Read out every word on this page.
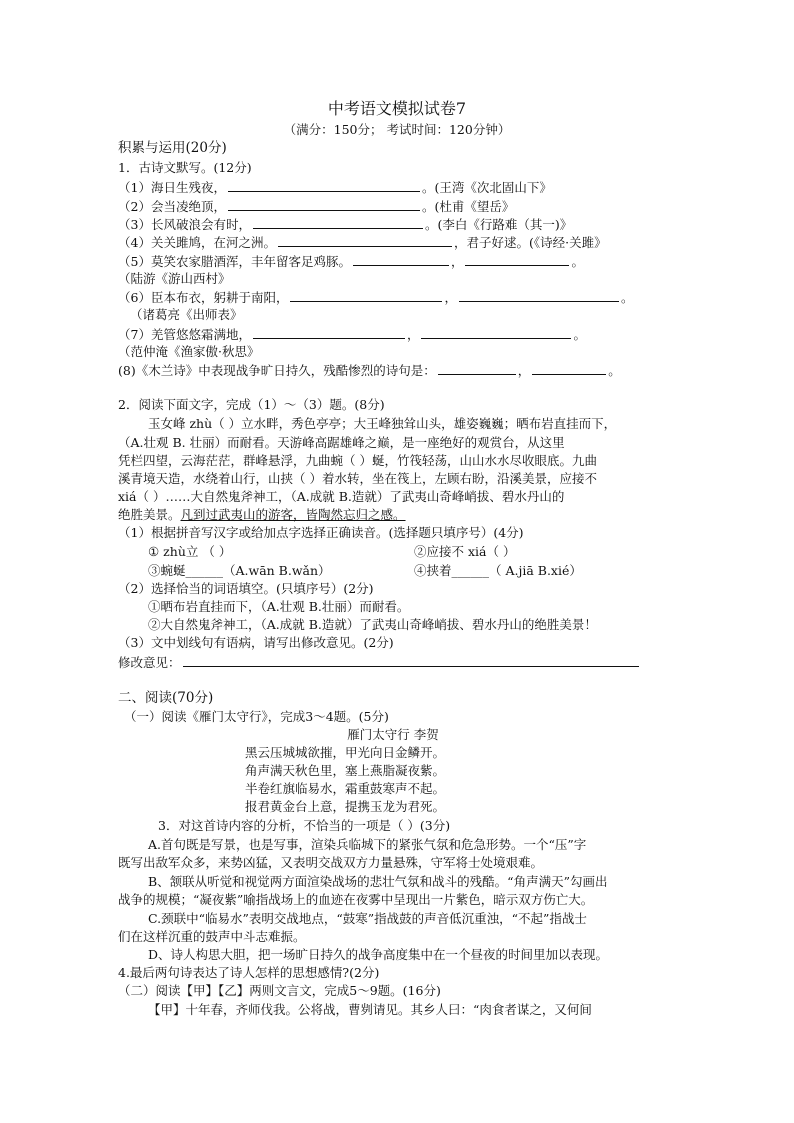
中考语文模拟试卷7
（满分：150分； 考试时间：120分钟）
积累与运用(20分)
1．古诗文默写。(12分)
（1）海日生残夜，	。(王湾《次北固山下》
（2）会当凌绝顶，	。(杜甫《望岳》
（3）长风破浪会有时，	。(李白《行路难（其一)》
（4）关关雎鸠，在河之洲。	，君子好逑。(《诗经·关雎》
（5）莫笑农家腊酒浑，丰年留客足鸡豚。	，	。
（陆游《游山西村》
（6）臣本布衣，躬耕于南阳，	，	。
（诸葛亮《出师表》
（7）羌管悠悠霜满地，	，	。
（范仲淹《渔家傲·秋思》
(8)《木兰诗》中表现战争旷日持久，残酷惨烈的诗句是：	，	。
2．阅读下面文字，完成（1）～（3）题。(8分)
玉女峰 zhù（ ）立水畔，秀色亭亭；大王峰独耸山头，雄姿巍巍；晒布岩直挂而下，
（A.壮观 B. 壮丽）而耐看。天游峰高踞雄峰之巅，是一座绝好的观赏台，从这里
凭栏四望，云海茫茫，群峰悬浮，九曲蜿（ ）蜒，竹筏轻荡，山山水水尽收眼底。九曲
溪青境天造，水绕着山行，山挟（ ）着水转，坐在筏上，左顾右盼，沿溪美景，应接不
xiá（ ）……大自然鬼斧神工，（A.成就 B.造就）了武夷山奇峰峭拔、碧水丹山的
绝胜美景。凡到过武夷山的游客，皆陶然忘归之感。
（1）根据拼音写汉字或给加点字选择正确读音。(选择题只填序号）(4分)
① zhù立 （ ）	②应接不 xiá（ ）
③蜿蜒______（A.wān B.wǎn）	④挟着______（ A.jiā B.xié）
（2）选择恰当的词语填空。(只填序号）(2分)
①晒布岩直挂而下，（A.壮观 B.壮丽）而耐看。
②大自然鬼斧神工，（A.成就 B.造就）了武夷山奇峰峭拔、碧水丹山的绝胜美景！
（3）文中划线句有语病，请写出修改意见。(2分)
修改意见：
二、阅读(70分)
（一）阅读《雁门太守行》，完成3～4题。(5分)
雁门太守行 李贺
黑云压城城欲摧，甲光向日金鳞开。
角声满天秋色里，塞上燕脂凝夜紫。
半卷红旗临易水，霜重鼓寒声不起。
报君黄金台上意，提携玉龙为君死。
3．对这首诗内容的分析，不恰当的一项是（ ）(3分)
A.首句既是写景，也是写事，渲染兵临城下的紧张气氛和危急形势。一个“压”字
既写出敌军众多，来势凶猛，又表明交战双方力量悬殊，守军将士处境艰难。
B、颔联从听觉和视觉两方面渲染战场的悲壮气氛和战斗的残酷。“角声满天”勾画出
战争的规模；“凝夜紫”喻指战场上的血迹在夜雾中呈现出一片紫色，暗示双方伤亡大。
C.颈联中“临易水”表明交战地点，“鼓寒”指战鼓的声音低沉重浊，“不起”指战士
们在这样沉重的鼓声中斗志难振。
D、诗人构思大胆，把一场旷日持久的战争高度集中在一个昼夜的时间里加以表现。
4.最后两句诗表达了诗人怎样的思想感情?(2分)
（二）阅读【甲】【乙】两则文言文，完成5～9题。(16分)
【甲】十年春，齐师伐我。公将战，曹刿请见。其乡人曰：“肉食者谋之，又何间
